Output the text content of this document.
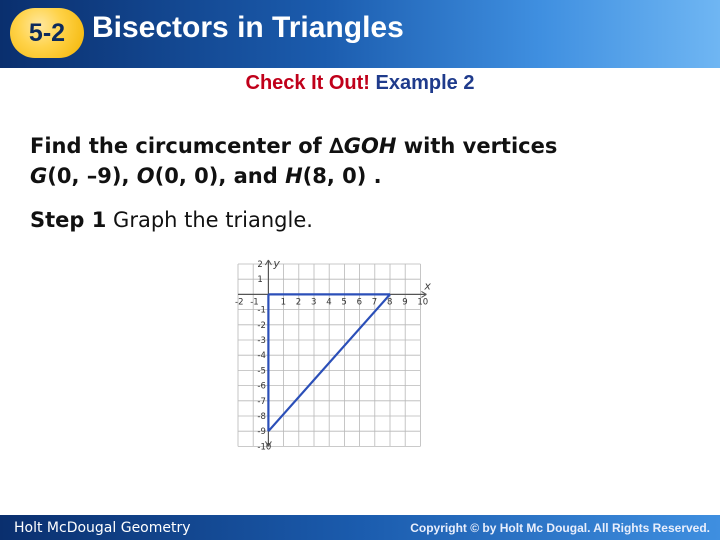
5-2 Bisectors in Triangles
Check It Out! Example 2
Find the circumcenter of ∆GOH with vertices
G(0, –9), O(0, 0), and H(8, 0) .
Step 1 Graph the triangle.
x
y
-2 -1	1 2 3 4 5 6 7 8 9 10
2
1
-1
-2
-3
-4
-5
-6
-7
-8
-9
-10
Holt McDougal Geometry	Copyright © by Holt Mc Dougal. All Rights Reserved.
